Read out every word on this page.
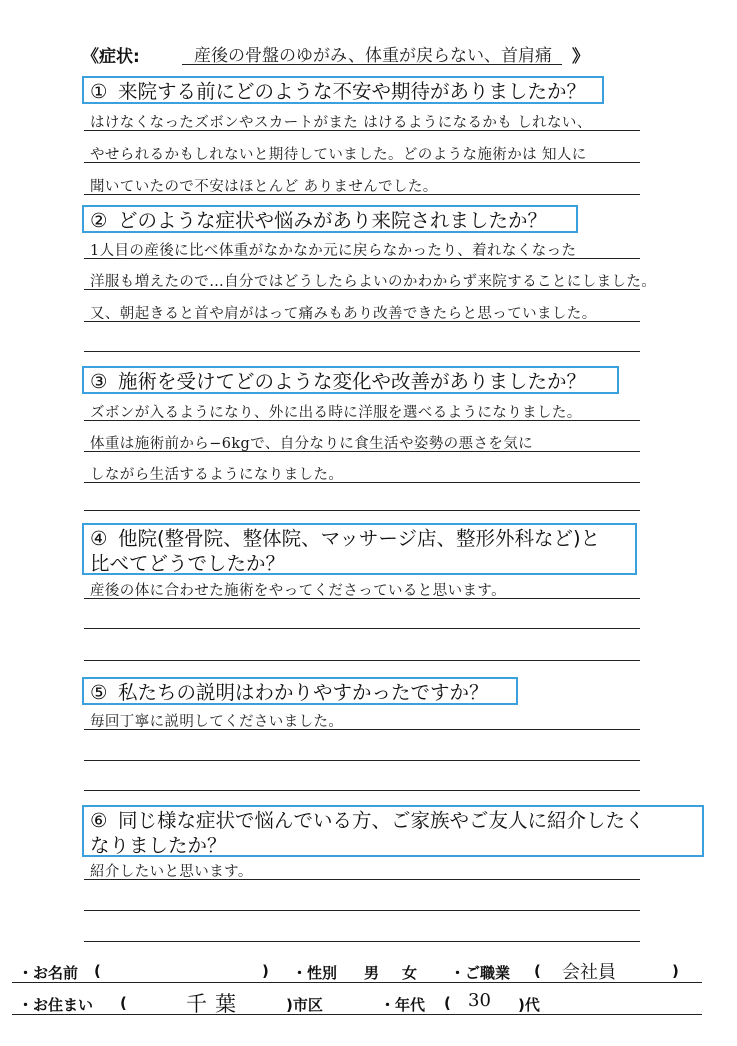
《症状:	産後の骨盤のゆがみ、体重が戻らない、首肩痛 》
① 来院する前にどのような不安や期待がありましたか？
はけなくなったズボンやスカートがまた はけるようになるかも しれない、
やせられるかもしれないと期待していました。どのような施術かは 知人に
聞いていたので不安はほとんど ありませんでした。
② どのような症状や悩みがあり来院されましたか？
1人目の産後に比べ体重がなかなか元に戻らなかったり、着れなくなった
洋服も増えたので…自分ではどうしたらよいのかわからず来院することにしました。
又、朝起きると首や肩がはって痛みもあり改善できたらと思っていました。
③ 施術を受けてどのような変化や改善がありましたか？
ズボンが入るようになり、外に出る時に洋服を選べるようになりました。
体重は施術前から−6kgで、自分なりに食生活や姿勢の悪さを気に
しながら生活するようになりました。
④ 他院(整骨院、整体院、マッサージ店、整形外科など)と
比べてどうでしたか？
産後の体に合わせた施術をやってくださっていると思います。
⑤ 私たちの説明はわかりやすかったですか？
毎回丁寧に説明してくださいました。
⑥ 同じ様な症状で悩んでいる方、ご家族やご友人に紹介したく
なりましたか？
紹介したいと思います。
・お名前 (	) ・性別 男 女 ・ご職業 ( 会社員	)
・お住まい (	千葉	)市区	・年代 ( 30 )代
